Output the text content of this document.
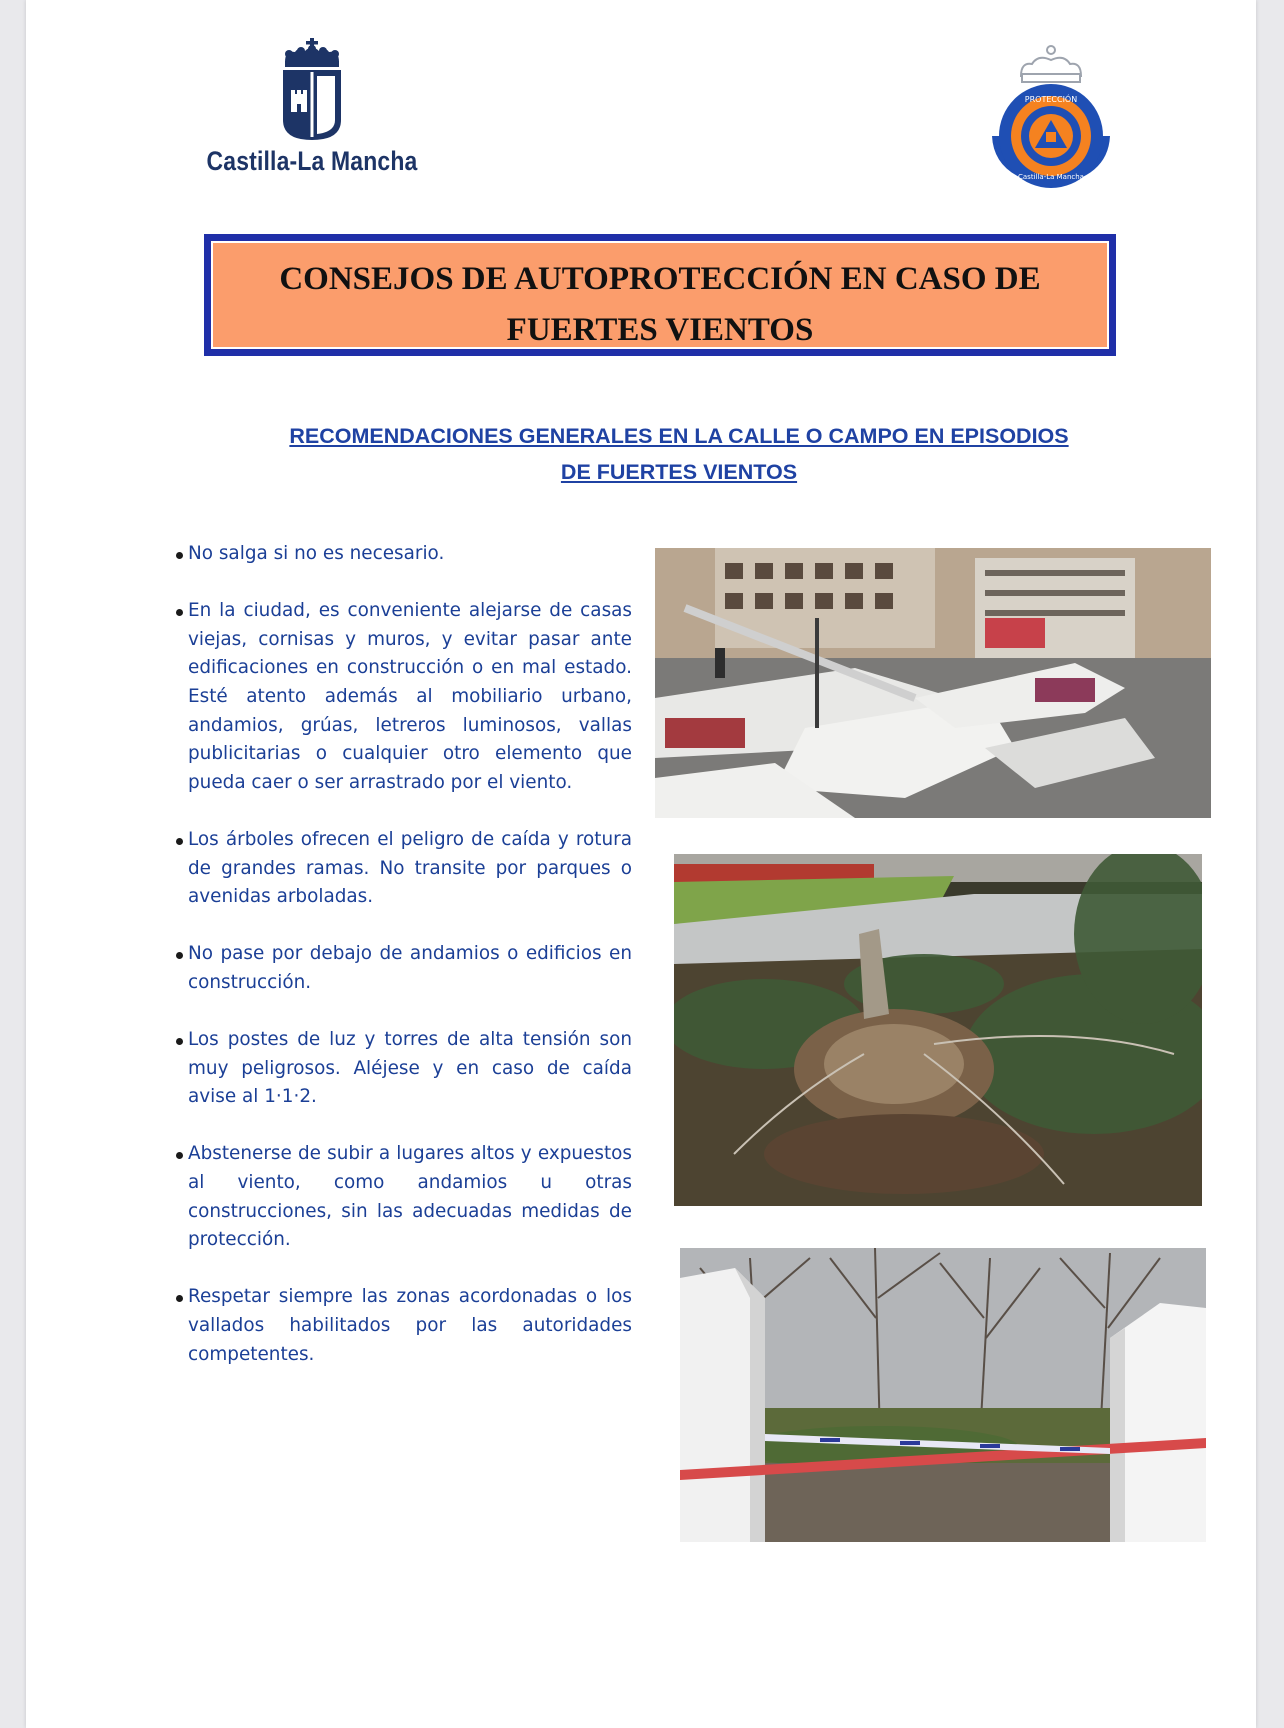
Castilla-La Mancha
PROTECCIÓN
Castilla-La Mancha
CONSEJOS DE AUTOPROTECCIÓN EN CASO DE
FUERTES VIENTOS
RECOMENDACIONES GENERALES EN LA CALLE O CAMPO EN EPISODIOS
DE FUERTES VIENTOS
No salga si no es necesario.
En la ciudad, es conveniente alejarse de casas viejas, cornisas y muros, y evitar pasar ante edificaciones en construcción o en mal estado. Esté atento además al mobiliario urbano, andamios, grúas, letreros luminosos, vallas publicitarias o cualquier otro elemento que pueda caer o ser arrastrado por el viento.
Los árboles ofrecen el peligro de caída y rotura de grandes ramas. No transite por parques o avenidas arboladas.
No pase por debajo de andamios o edificios en construcción.
Los postes de luz y torres de alta tensión son muy peligrosos. Aléjese y en caso de caída avise al 1·1·2.
Abstenerse de subir a lugares altos y expuestos al viento, como andamios u otras construcciones, sin las adecuadas medidas de protección.
Respetar siempre las zonas acordonadas o los vallados habilitados por las autoridades competentes.
